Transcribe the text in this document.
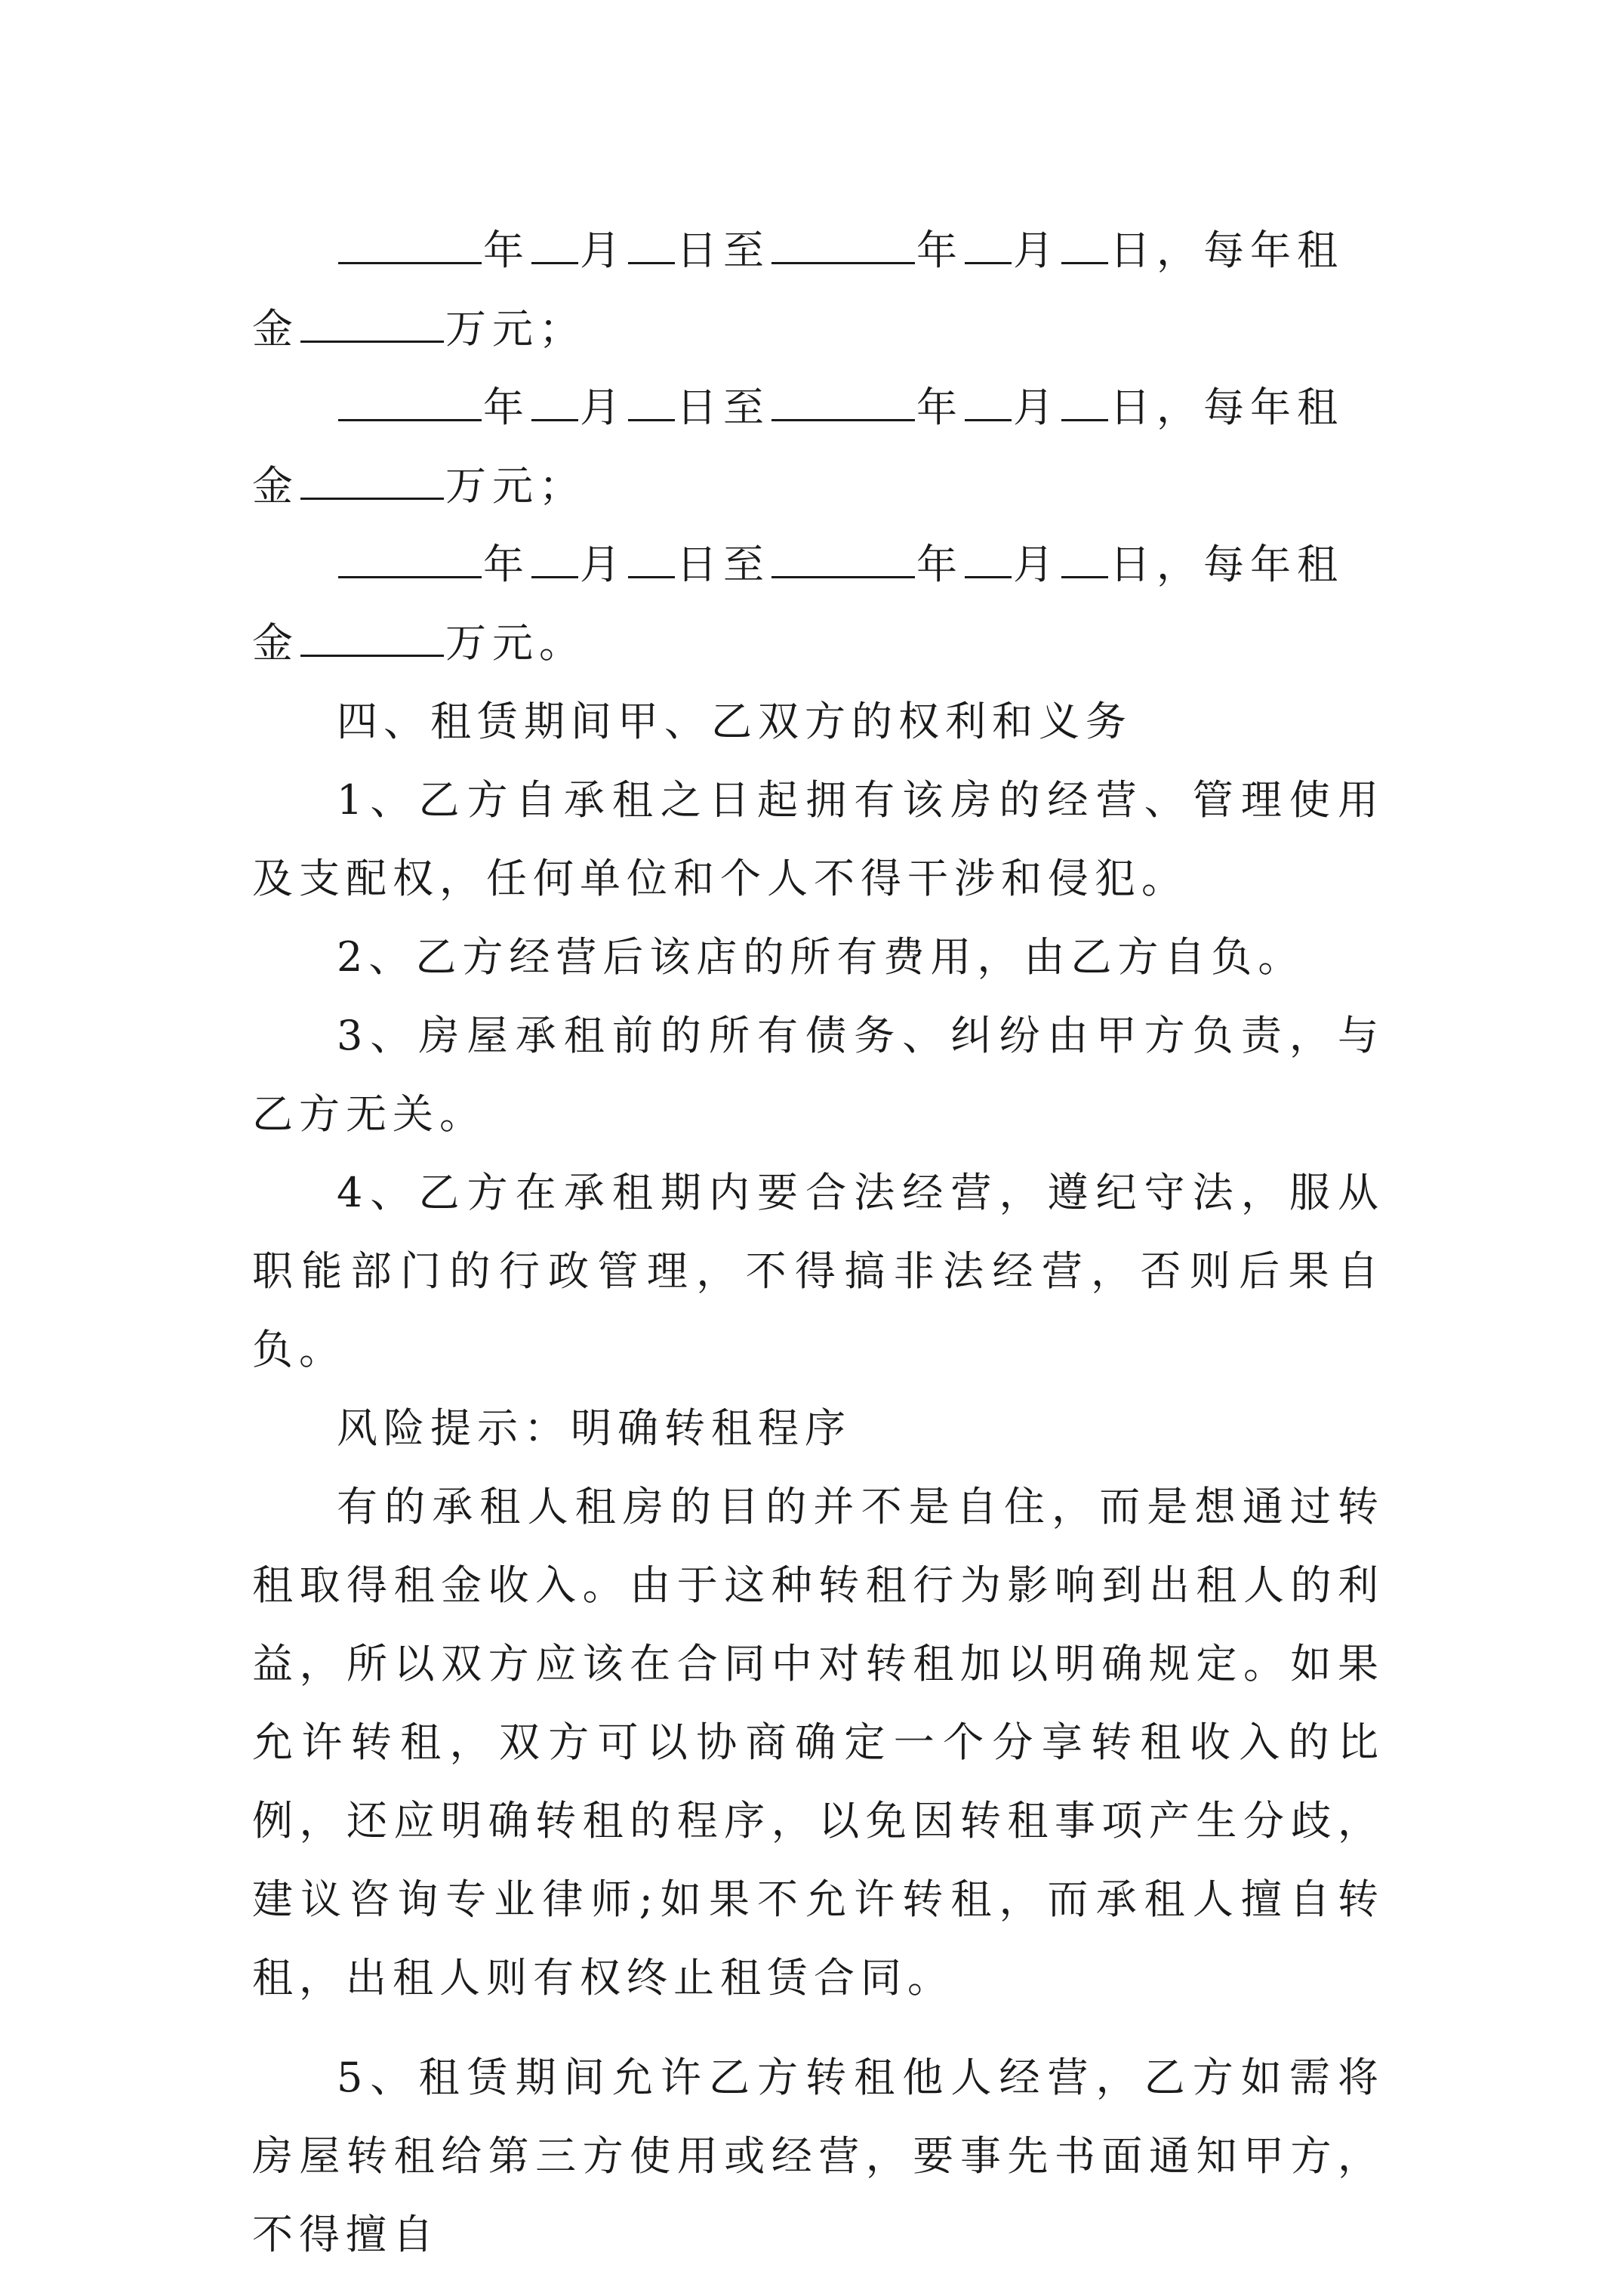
年 月 日至	年 月 日，每年租

金	万元；

年 月 日至	年 月 日，每年租

金	万元；

年 月 日至	年 月 日，每年租

金	万元。

四、租赁期间甲、乙双方的权利和义务

1、乙方自承租之日起拥有该房的经营、管理使用及支配权，任何单位和个人不得干涉和侵犯。

2、乙方经营后该店的所有费用，由乙方自负。

3、房屋承租前的所有债务、纠纷由甲方负责，与乙方无关。

4、乙方在承租期内要合法经营，遵纪守法，服从职能部门的行政管理，不得搞非法经营，否则后果自负。

风险提示：明确转租程序

有的承租人租房的目的并不是自住，而是想通过转租取得租金收入。由于这种转租行为影响到出租人的利益，所以双方应该在合同中对转租加以明确规定。如果允许转租，双方可以协商确定一个分享转租收入的比例，还应明确转租的程序，以免因转租事项产生分歧，建议咨询专业律师;如果不允许转租，而承租人擅自转租，出租人则有权终止租赁合同。

5、租赁期间允许乙方转租他人经营，乙方如需将房屋转租给第三方使用或经营，要事先书面通知甲方，不得擅自
